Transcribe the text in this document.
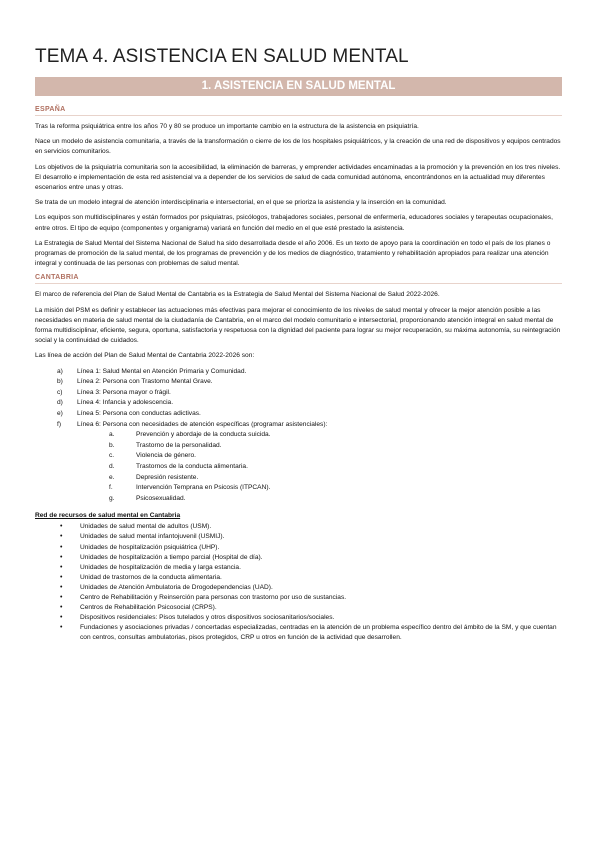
TEMA 4. ASISTENCIA EN SALUD MENTAL
1. ASISTENCIA EN SALUD MENTAL
ESPAÑA

Tras la reforma psiquiátrica entre los años 70 y 80 se produce un importante cambio en la estructura de la asistencia en psiquiatría.

Nace un modelo de asistencia comunitaria, a través de la transformación o cierre de los de los hospitales psiquiátricos, y la creación de una red de dispositivos y equipos centrados en servicios comunitarios.

Los objetivos de la psiquiatría comunitaria son la accesibilidad, la eliminación de barreras, y emprender actividades encaminadas a la promoción y la prevención en los tres niveles. El desarrollo e implementación de esta red asistencial va a depender de los servicios de salud de cada comunidad autónoma, encontrándonos en la actualidad muy diferentes escenarios entre unas y otras.

Se trata de un modelo integral de atención interdisciplinaria e intersectorial, en el que se prioriza la asistencia y la inserción en la comunidad.

Los equipos son multidisciplinares y están formados por psiquiatras, psicólogos, trabajadores sociales, personal de enfermería, educadores sociales y terapeutas ocupacionales, entre otros. El tipo de equipo (componentes y organigrama) variará en función del medio en el que esté prestado la asistencia.

La Estrategia de Salud Mental del Sistema Nacional de Salud ha sido desarrollada desde el año 2006. Es un texto de apoyo para la coordinación en todo el país de los planes o programas de promoción de la salud mental, de los programas de prevención y de los medios de diagnóstico, tratamiento y rehabilitación apropiados para realizar una atención integral y continuada de las personas con problemas de salud mental.

CANTABRIA

El marco de referencia del Plan de Salud Mental de Cantabria es la Estrategia de Salud Mental del Sistema Nacional de Salud 2022-2026.

La misión del PSM es definir y establecer las actuaciones más efectivas para mejorar el conocimiento de los niveles de salud mental y ofrecer la mejor atención posible a las necesidades en materia de salud mental de la ciudadanía de Cantabria, en el marco del modelo comunitario e intersectorial, proporcionando atención integral en salud mental de forma multidisciplinar, eficiente, segura, oportuna, satisfactoria y respetuosa con la dignidad del paciente para lograr su mejor recuperación, su máxima autonomía, su reintegración social y la continuidad de cuidados.

Las línea de acción del Plan de Salud Mental de Cantabria 2022-2026 son:

a) Línea 1: Salud Mental en Atención Primaria y Comunidad.
b) Línea 2: Persona con Trastorno Mental Grave.
c) Línea 3: Persona mayor o frágil.
d) Línea 4: Infancia y adolescencia.
e) Línea 5: Persona con conductas adictivas.
f) Línea 6: Persona con necesidades de atención específicas (programar asistenciales):
a.	Prevención y abordaje de la conducta suicida.
b.	Trastorno de la personalidad.
c.	Violencia de género.
d.	Trastornos de la conducta alimentaria.
e.	Depresión resistente.
f.	Intervención Temprana en Psicosis (ITPCAN).
g.	Psicosexualidad.
Red de recursos de salud mental en Cantabria
• Unidades de salud mental de adultos (USM).
• Unidades de salud mental infantojuvenil (USMIJ).
• Unidades de hospitalización psiquiátrica (UHP).
• Unidades de hospitalización a tiempo parcial (Hospital de día).
• Unidades de hospitalización de media y larga estancia.
• Unidad de trastornos de la conducta alimentaria.
• Unidades de Atención Ambulatoria de Drogodependencias (UAD).
• Centro de Rehabilitación y Reinserción para personas con trastorno por uso de sustancias.
• Centros de Rehabilitación Psicosocial (CRPS).
• Dispositivos residenciales: Pisos tutelados y otros dispositivos sociosanitarios/sociales.
• Fundaciones y asociaciones privadas / concertadas especializadas, centradas en la atención de un problema específico dentro del ámbito de la SM, y que cuentan con centros, consultas ambulatorias, pisos protegidos, CRP u otros en función de la actividad que desarrollen.
